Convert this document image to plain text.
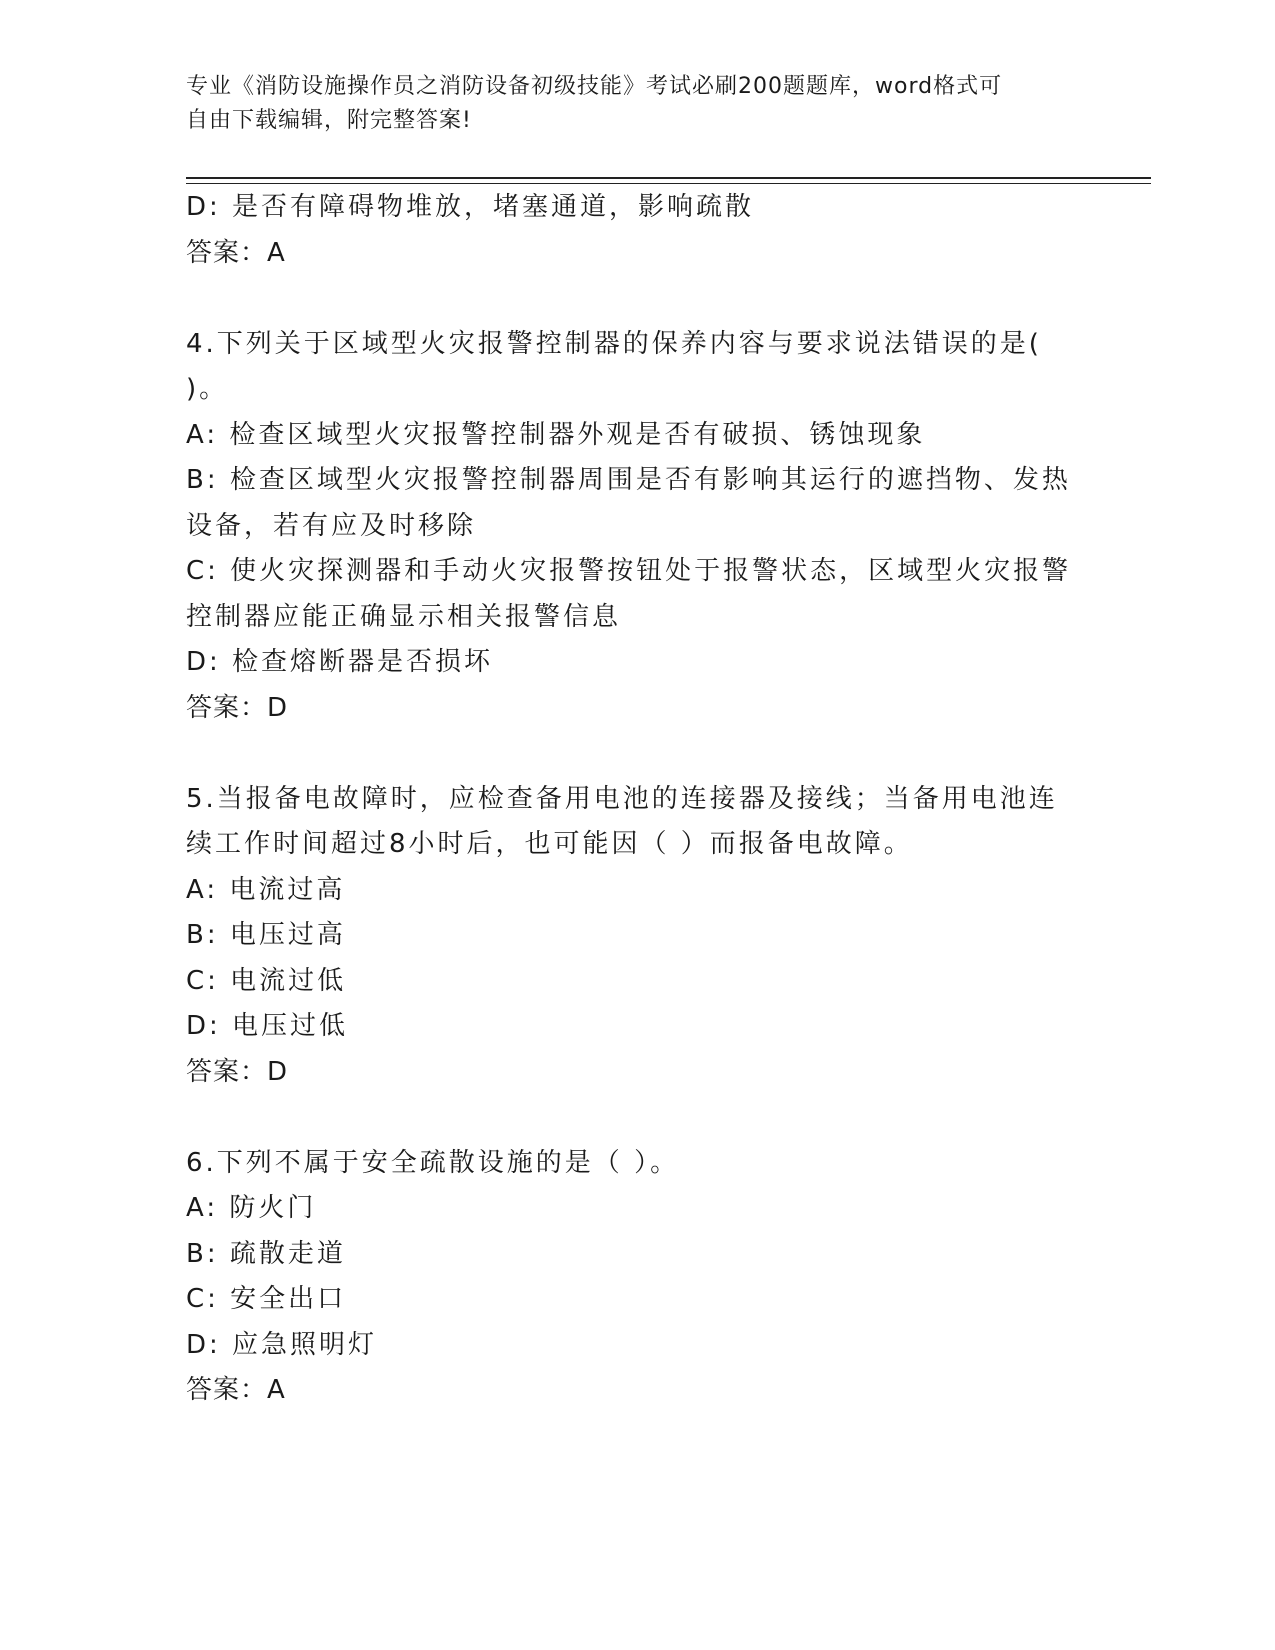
专业《消防设施操作员之消防设备初级技能》考试必刷200题题库，word格式可
自由下载编辑，附完整答案!

D: 是否有障碍物堆放，堵塞通道，影响疏散

答案：A

4.下列关于区域型火灾报警控制器的保养内容与要求说法错误的是(

)。

A: 检查区域型火灾报警控制器外观是否有破损、锈蚀现象

B: 检查区域型火灾报警控制器周围是否有影响其运行的遮挡物、发热

设备，若有应及时移除

C: 使火灾探测器和手动火灾报警按钮处于报警状态，区域型火灾报警

控制器应能正确显示相关报警信息

D: 检查熔断器是否损坏

答案：D

5.当报备电故障时，应检查备用电池的连接器及接线；当备用电池连

续工作时间超过8小时后，也可能因（ ）而报备电故障。

A: 电流过高

B: 电压过高

C: 电流过低

D: 电压过低

答案：D

6.下列不属于安全疏散设施的是（ ）。

A: 防火门

B: 疏散走道

C: 安全出口

D: 应急照明灯

答案：A
